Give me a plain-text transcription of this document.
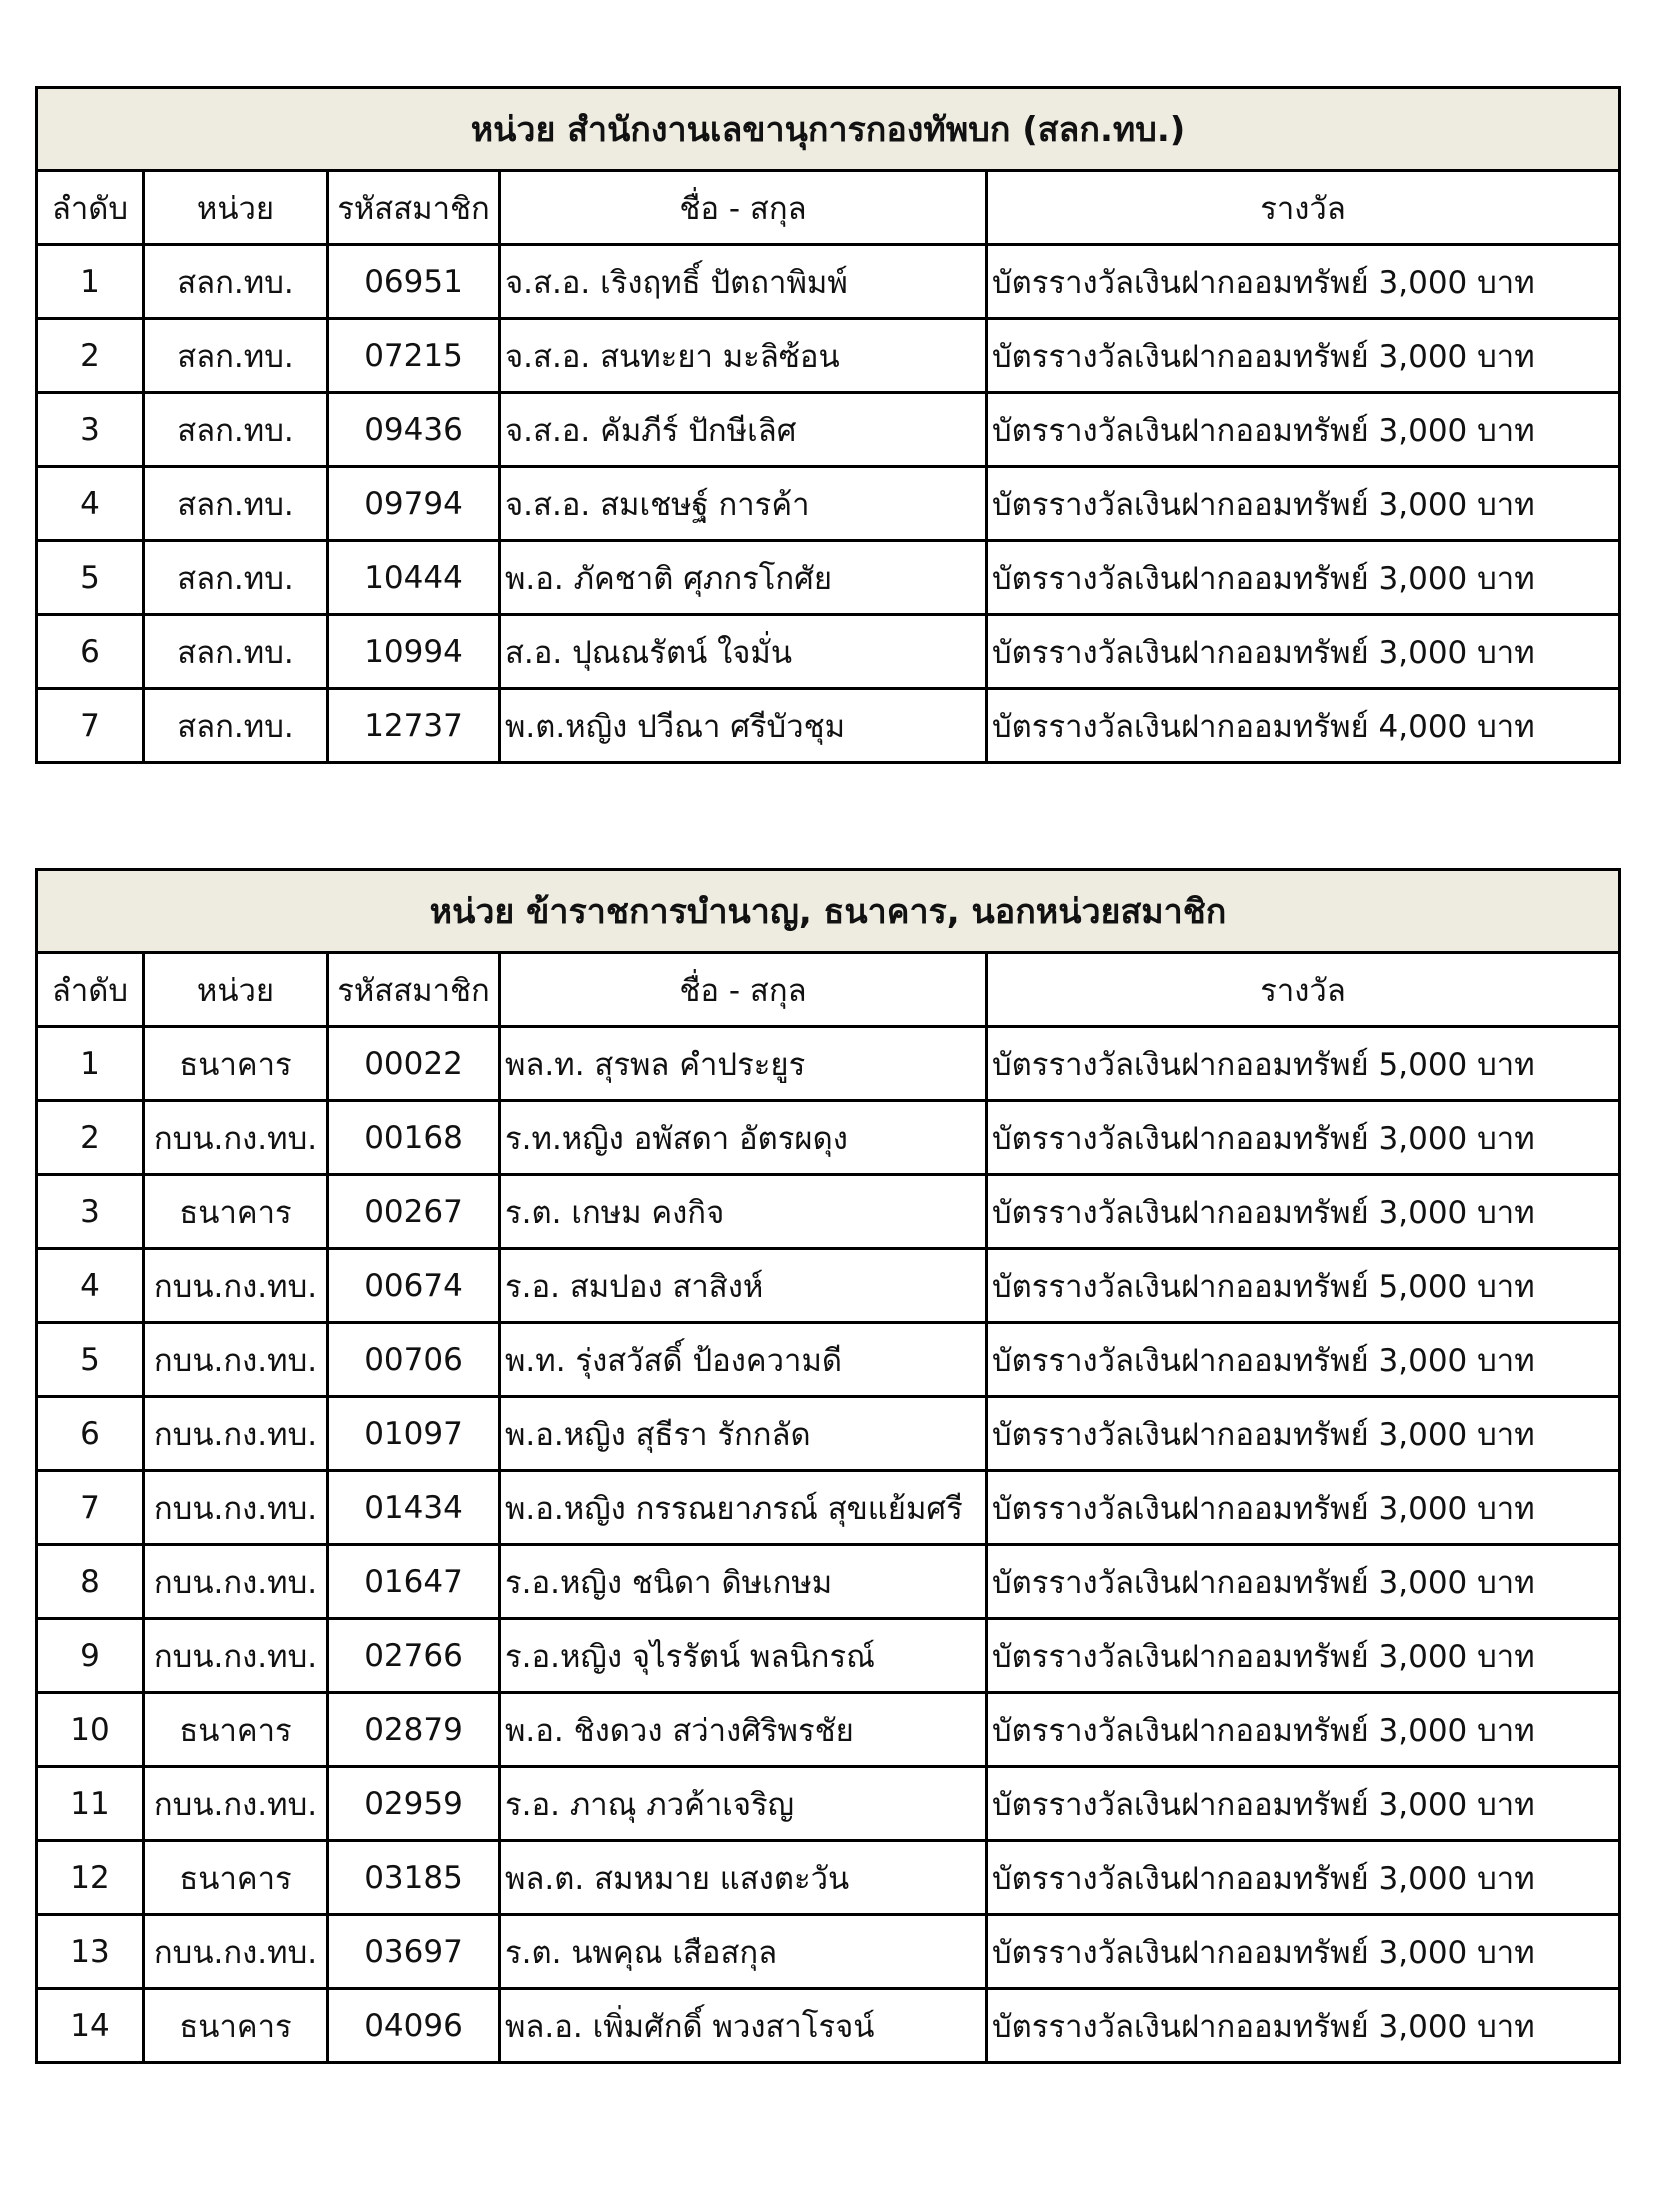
หน่วย สำนักงานเลขานุการกองทัพบก (สลก.ทบ.)				
ลำดับ	หน่วย	รหัสสมาชิก	ชื่อ - สกุล	รางวัล
1	สลก.ทบ.	06951	จ.ส.อ. เริงฤทธิ์ ปัตถาพิมพ์	บัตรรางวัลเงินฝากออมทรัพย์ 3,000 บาท
2	สลก.ทบ.	07215	จ.ส.อ. สนทะยา มะลิซ้อน	บัตรรางวัลเงินฝากออมทรัพย์ 3,000 บาท
3	สลก.ทบ.	09436	จ.ส.อ. คัมภีร์ ปักษีเลิศ	บัตรรางวัลเงินฝากออมทรัพย์ 3,000 บาท
4	สลก.ทบ.	09794	จ.ส.อ. สมเชษฐ์ การค้า	บัตรรางวัลเงินฝากออมทรัพย์ 3,000 บาท
5	สลก.ทบ.	10444	พ.อ. ภัคชาติ ศุภกรโกศัย	บัตรรางวัลเงินฝากออมทรัพย์ 3,000 บาท
6	สลก.ทบ.	10994	ส.อ. ปุณณรัตน์ ใจมั่น	บัตรรางวัลเงินฝากออมทรัพย์ 3,000 บาท
7	สลก.ทบ.	12737	พ.ต.หญิง ปวีณา ศรีบัวชุม	บัตรรางวัลเงินฝากออมทรัพย์ 4,000 บาท
หน่วย ข้าราชการบำนาญ, ธนาคาร, นอกหน่วยสมาชิก				
ลำดับ	หน่วย	รหัสสมาชิก	ชื่อ - สกุล	รางวัล
1	ธนาคาร	00022	พล.ท. สุรพล คำประยูร	บัตรรางวัลเงินฝากออมทรัพย์ 5,000 บาท
2	กบน.กง.ทบ.	00168	ร.ท.หญิง อพัสดา อัตรผดุง	บัตรรางวัลเงินฝากออมทรัพย์ 3,000 บาท
3	ธนาคาร	00267	ร.ต. เกษม คงกิจ	บัตรรางวัลเงินฝากออมทรัพย์ 3,000 บาท
4	กบน.กง.ทบ.	00674	ร.อ. สมปอง สาสิงห์	บัตรรางวัลเงินฝากออมทรัพย์ 5,000 บาท
5	กบน.กง.ทบ.	00706	พ.ท. รุ่งสวัสดิ์ ป้องความดี	บัตรรางวัลเงินฝากออมทรัพย์ 3,000 บาท
6	กบน.กง.ทบ.	01097	พ.อ.หญิง สุธีรา รักกลัด	บัตรรางวัลเงินฝากออมทรัพย์ 3,000 บาท
7	กบน.กง.ทบ.	01434	พ.อ.หญิง กรรณยาภรณ์ สุขแย้มศรี	บัตรรางวัลเงินฝากออมทรัพย์ 3,000 บาท
8	กบน.กง.ทบ.	01647	ร.อ.หญิง ชนิดา ดิษเกษม	บัตรรางวัลเงินฝากออมทรัพย์ 3,000 บาท
9	กบน.กง.ทบ.	02766	ร.อ.หญิง จุไรรัตน์ พลนิกรณ์	บัตรรางวัลเงินฝากออมทรัพย์ 3,000 บาท
10	ธนาคาร	02879	พ.อ. ชิงดวง สว่างศิริพรชัย	บัตรรางวัลเงินฝากออมทรัพย์ 3,000 บาท
11	กบน.กง.ทบ.	02959	ร.อ. ภาณุ ภวค้าเจริญ	บัตรรางวัลเงินฝากออมทรัพย์ 3,000 บาท
12	ธนาคาร	03185	พล.ต. สมหมาย แสงตะวัน	บัตรรางวัลเงินฝากออมทรัพย์ 3,000 บาท
13	กบน.กง.ทบ.	03697	ร.ต. นพคุณ เสือสกุล	บัตรรางวัลเงินฝากออมทรัพย์ 3,000 บาท
14	ธนาคาร	04096	พล.อ. เพิ่มศักดิ์ พวงสาโรจน์	บัตรรางวัลเงินฝากออมทรัพย์ 3,000 บาท
